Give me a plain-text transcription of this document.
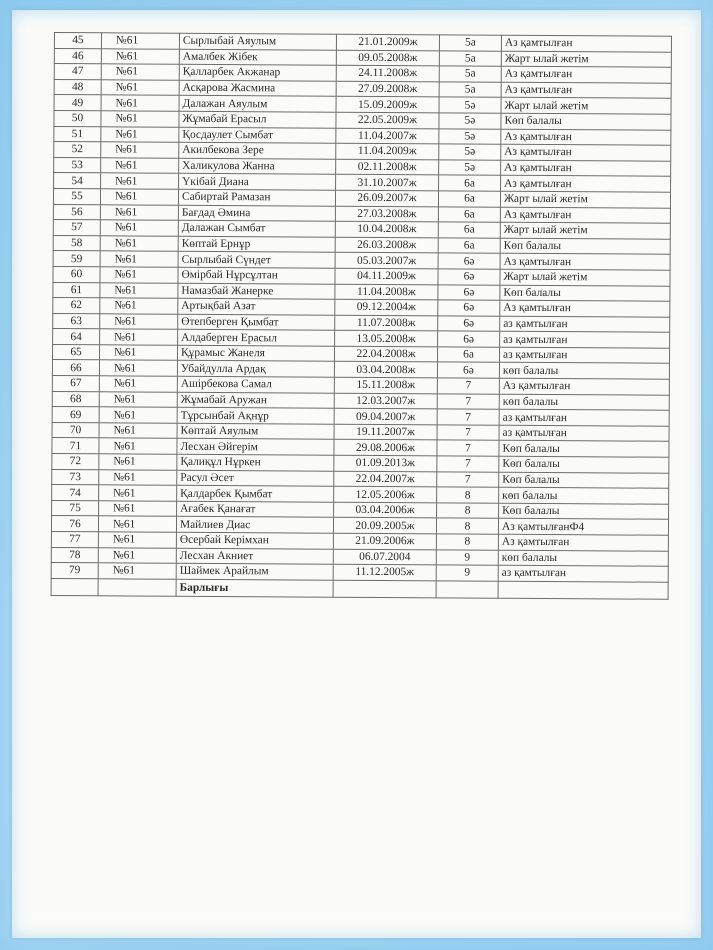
45	№61	Сырлыбай Аяулым	21.01.2009ж	5а	Аз қамтылған
46	№61	Амалбек Жібек	09.05.2008ж	5а	Жарт ылай жетім
47	№61	Қалларбек Акжанар	24.11.2008ж	5а	Аз қамтылған
48	№61	Асқарова Жасмина	27.09.2008ж	5а	Аз қамтылған
49	№61	Далажан Аяулым	15.09.2009ж	5ә	Жарт ылай жетім
50	№61	Жұмабай Ерасыл	22.05.2009ж	5ә	Көп балалы
51	№61	Қосдаулет Сымбат	11.04.2007ж	5ә	Аз қамтылған
52	№61	Акилбекова Зере	11.04.2009ж	5ә	Аз қамтылған
53	№61	Халикулова Жанна	02.11.2008ж	5ә	Аз қамтылған
54	№61	Үкібай Диана	31.10.2007ж	6а	Аз қамтылған
55	№61	Сабиртай Рамазан	26.09.2007ж	6а	Жарт ылай жетім
56	№61	Бағдад Әмина	27.03.2008ж	6а	Аз қамтылған
57	№61	Далажан Сымбат	10.04.2008ж	6а	Жарт ылай жетім
58	№61	Көптай Ернұр	26.03.2008ж	6а	Көп балалы
59	№61	Сырлыбай Сүндет	05.03.2007ж	6ә	Аз қамтылған
60	№61	Өмірбай Нұрсұлтан	04.11.2009ж	6ә	Жарт ылай жетім
61	№61	Намазбай Жанерке	11.04.2008ж	6ә	Көп балалы
62	№61	Артықбай Азат	09.12.2004ж	6ә	Аз қамтылған
63	№61	Өтепберген Қымбат	11.07.2008ж	6ә	аз қамтылған
64	№61	Алдаберген Ерасыл	13.05.2008ж	6ә	аз қамтылған
65	№61	Құрамыс Жанеля	22.04.2008ж	6а	аз қамтылған
66	№61	Убайдулла Ардақ	03.04.2008ж	6ә	көп балалы
67	№61	Ашірбекова Самал	15.11.2008ж	7	Аз қамтылған
68	№61	Жұмабай Аружан	12.03.2007ж	7	көп балалы
69	№61	Тұрсынбай Ақнұр	09.04.2007ж	7	аз қамтылған
70	№61	Көптай Аяулым	19.11.2007ж	7	аз қамтылған
71	№61	Лесхан Әйгерім	29.08.2006ж	7	Көп балалы
72	№61	Қалиқұл Нұркен	01.09.2013ж	7	Көп балалы
73	№61	Расул Әсет	22.04.2007ж	7	Көп балалы
74	№61	Қалдарбек Қымбат	12.05.2006ж	8	көп балалы
75	№61	Ағабек Қанағат	03.04.2006ж	8	Көп балалы
76	№61	Майлиев Диас	20.09.2005ж	8	Аз қамтылғанФ4
77	№61	Өсербай Керімхан	21.09.2006ж	8	Аз қамтылған
78	№61	Лесхан Акниет	06.07.2004	9	көп балалы
79	№61	Шаймек Арайлым	11.12.2005ж	9	аз қамтылған
		Барлығы			
